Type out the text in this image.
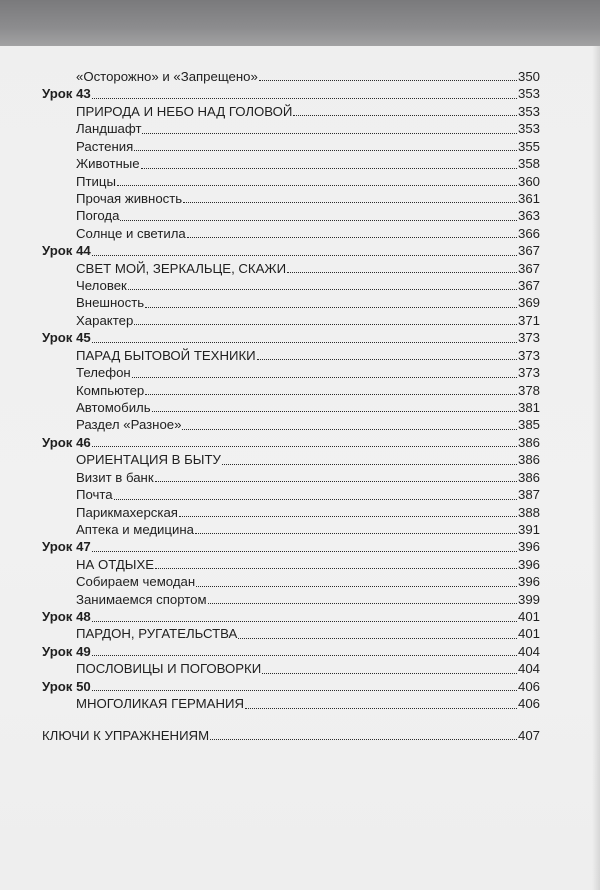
«Осторожно» и «Запрещено»	350
Урок 43	353
ПРИРОДА И НЕБО НАД ГОЛОВОЙ	353
Ландшафт	353
Растения	355
Животные	358
Птицы	360
Прочая живность	361
Погода	363
Солнце и светила	366
Урок 44	367
СВЕТ МОЙ, ЗЕРКАЛЬЦЕ, СКАЖИ	367
Человек	367
Внешность	369
Характер	371
Урок 45	373
ПАРАД БЫТОВОЙ ТЕХНИКИ	373
Телефон	373
Компьютер	378
Автомобиль	381
Раздел «Разное»	385
Урок 46	386
ОРИЕНТАЦИЯ В БЫТУ	386
Визит в банк	386
Почта	387
Парикмахерская	388
Аптека и медицина	391
Урок 47	396
НА ОТДЫХЕ	396
Собираем чемодан	396
Занимаемся спортом	399
Урок 48	401
ПАРДОН, РУГАТЕЛЬСТВА	401
Урок 49	404
ПОСЛОВИЦЫ И ПОГОВОРКИ	404
Урок 50	406
МНОГОЛИКАЯ ГЕРМАНИЯ	406
КЛЮЧИ К УПРАЖНЕНИЯМ	407
